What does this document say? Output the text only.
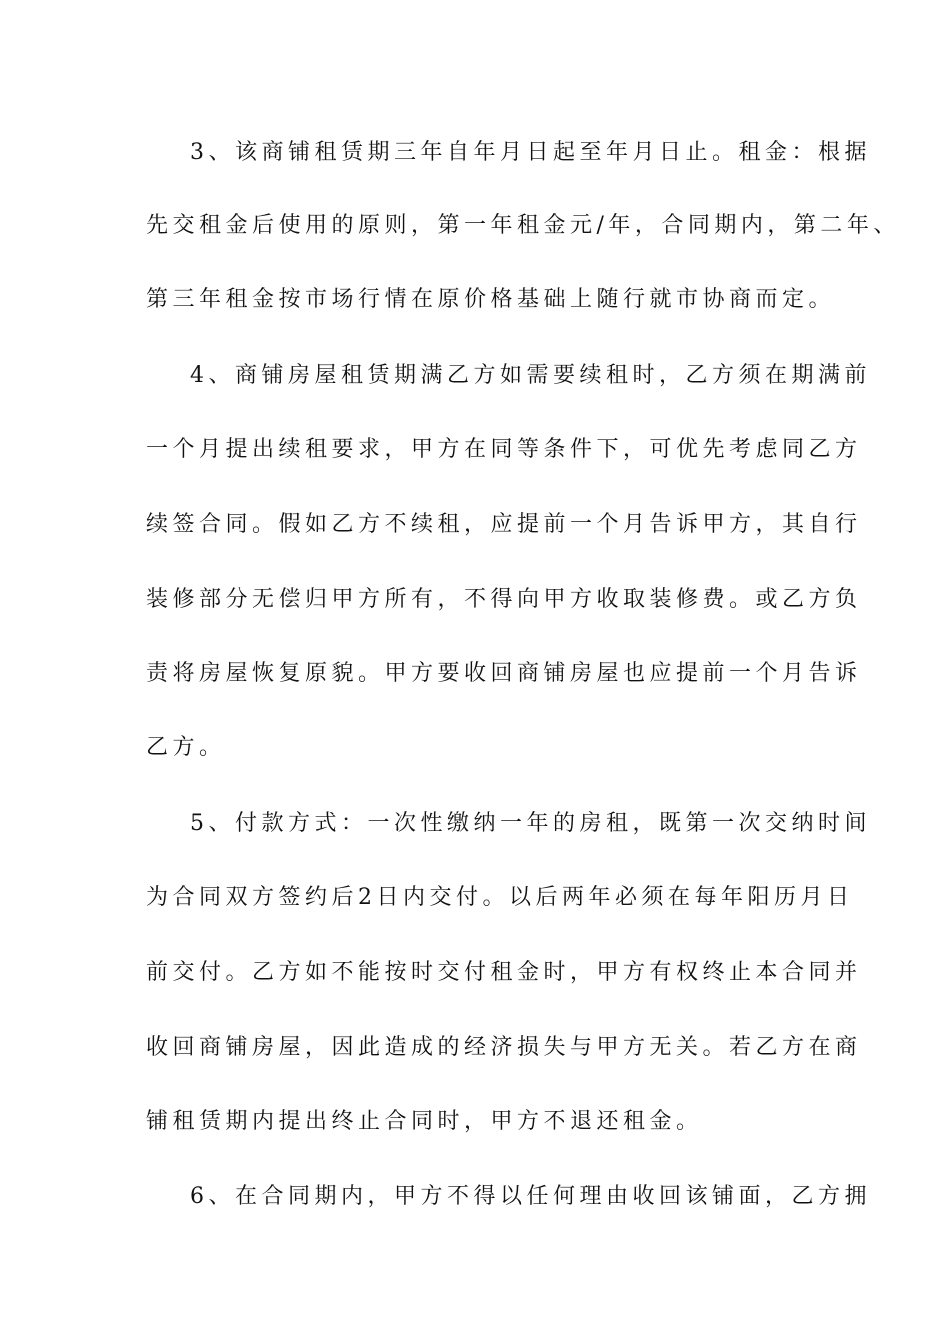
3、该商铺租赁期三年自年月日起至年月日止。租金：根据
先交租金后使用的原则，第一年租金元/年，合同期内，第二年、
第三年租金按市场行情在原价格基础上随行就市协商而定。
4、商铺房屋租赁期满乙方如需要续租时，乙方须在期满前
一个月提出续租要求，甲方在同等条件下，可优先考虑同乙方
续签合同。假如乙方不续租，应提前一个月告诉甲方，其自行
装修部分无偿归甲方所有，不得向甲方收取装修费。或乙方负
责将房屋恢复原貌。甲方要收回商铺房屋也应提前一个月告诉
乙方。
5、付款方式：一次性缴纳一年的房租，既第一次交纳时间
为合同双方签约后2日内交付。以后两年必须在每年阳历月日
前交付。乙方如不能按时交付租金时，甲方有权终止本合同并
收回商铺房屋，因此造成的经济损失与甲方无关。若乙方在商
铺租赁期内提出终止合同时，甲方不退还租金。
6、在合同期内，甲方不得以任何理由收回该铺面，乙方拥
